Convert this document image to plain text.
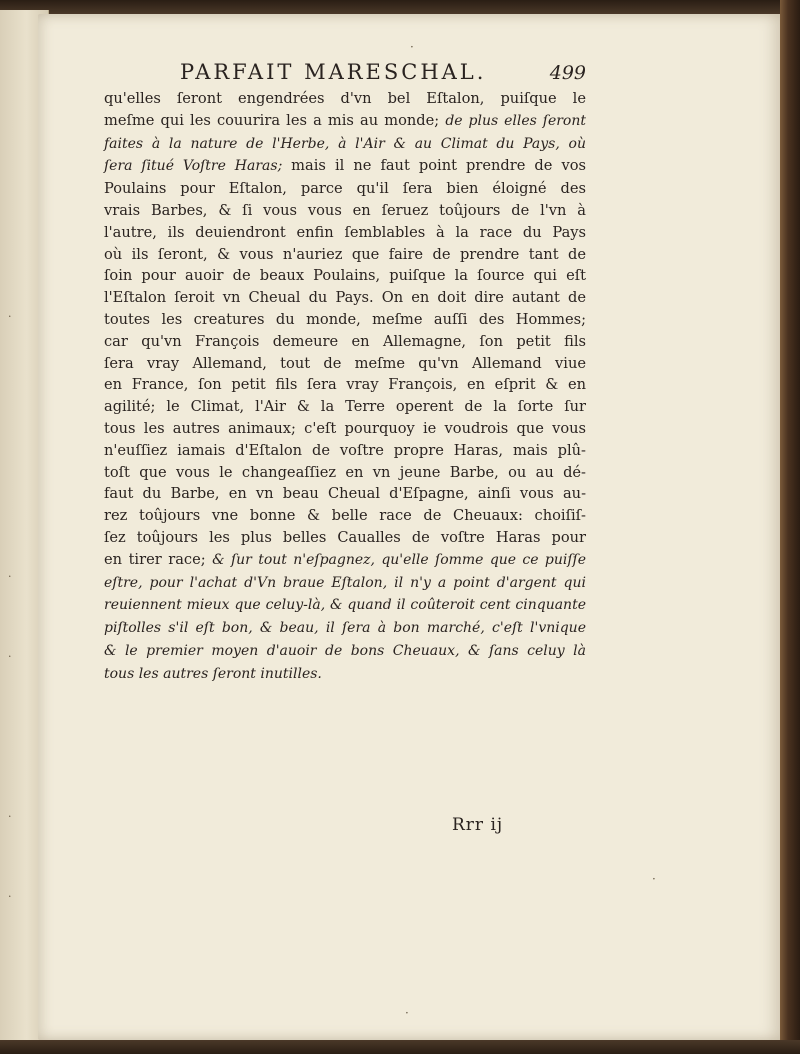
·
·
·
·
·
PARFAIT MARESCHAL.	499
qu'elles ſeront engendrées d'vn bel Eſtalon, puiſque le
meſme qui les couurira les a mis au monde; de plus elles ſeront
faites à la nature de l'Herbe, à l'Air & au Climat du Pays, où
ſera ſitué Voſtre Haras; mais il ne faut point prendre de vos
Poulains pour Eſtalon, parce qu'il ſera bien éloigné des
vrais Barbes, & ſi vous vous en ſeruez toûjours de l'vn à
l'autre, ils deuiendront enfin ſemblables à la race du Pays
où ils ſeront, & vous n'auriez que faire de prendre tant de
ſoin pour auoir de beaux Poulains, puiſque la ſource qui eſt
l'Eſtalon ſeroit vn Cheual du Pays. On en doit dire autant de
toutes les creatures du monde, meſme auſſi des Hommes;
car qu'vn François demeure en Allemagne, ſon petit fils
ſera vray Allemand, tout de meſme qu'vn Allemand viue
en France, ſon petit fils ſera vray François, en eſprit & en
agilité; le Climat, l'Air & la Terre operent de la ſorte ſur
tous les autres animaux; c'eſt pourquoy ie voudrois que vous
n'euſſiez iamais d'Eſtalon de voſtre propre Haras, mais plû-
toſt que vous le changeaſſiez en vn jeune Barbe, ou au dé-
faut du Barbe, en vn beau Cheual d'Eſpagne, ainſi vous au-
rez toûjours vne bonne & belle race de Cheuaux: choiſiſ-
ſez toûjours les plus belles Caualles de voſtre Haras pour
en tirer race; & ſur tout n'eſpagnez, qu'elle ſomme que ce puiſſe
eſtre, pour l'achat d'Vn braue Eſtalon, il n'y a point d'argent qui
reuiennent mieux que celuy-là, & quand il coûteroit cent cinquante
piſtolles s'il eſt bon, & beau, il ſera à bon marché, c'eſt l'vnique
& le premier moyen d'auoir de bons Cheuaux, & ſans celuy là
tous les autres ſeront inutilles.
Rrr ij
·
·
·
